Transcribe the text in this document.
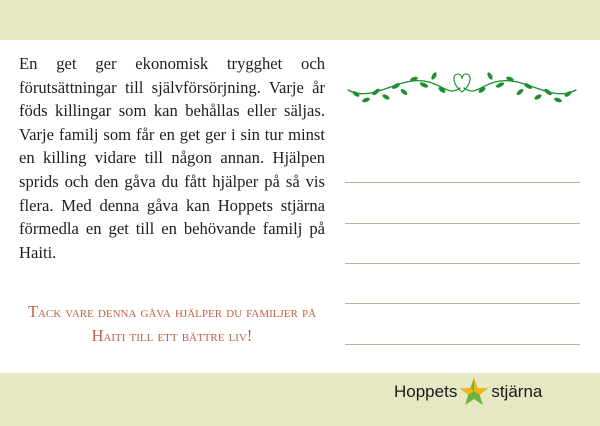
En get ger ekonomisk trygghet och förutsättningar till självförsörjning. Varje år föds killingar som kan behållas eller säljas. Varje familj som får en get ger i sin tur minst en killing vidare till någon annan. Hjälpen sprids och den gåva du fått hjälper på så vis flera. Med denna gåva kan Hoppets stjärna förmedla en get till en behövande familj på Haiti.

Tack vare denna gåva hjälper du familjer på Haiti till ett bättre liv!

Hoppets stjärna
